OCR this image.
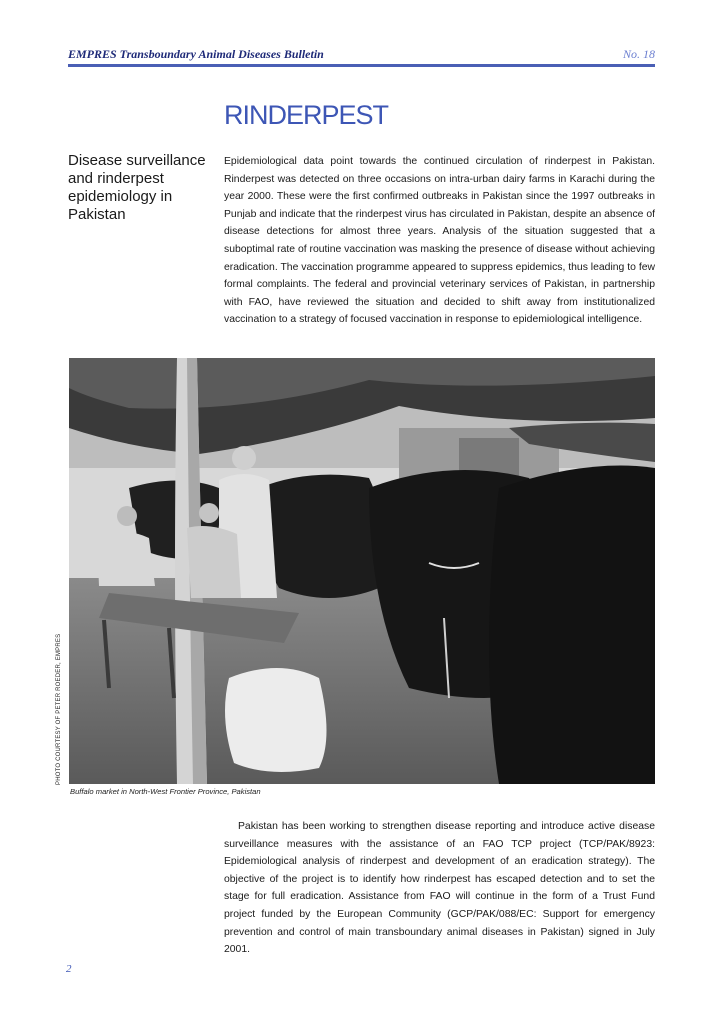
EMPRES Transboundary Animal Diseases Bulletin	No. 18
RINDERPEST
Disease surveillance and rinderpest epidemiology in Pakistan

Epidemiological data point towards the continued circulation of rinderpest in Pakistan. Rinderpest was detected on three occasions on intra-urban dairy farms in Karachi during the year 2000. These were the first confirmed outbreaks in Pakistan since the 1997 outbreaks in Punjab and indicate that the rinderpest virus has circulated in Pakistan, despite an absence of disease detections for almost three years. Analysis of the situation suggested that a suboptimal rate of routine vaccination was masking the presence of disease without achieving eradication. The vaccination programme appeared to suppress epidemics, thus leading to few formal complaints. The federal and provincial veterinary services of Pakistan, in partnership with FAO, have reviewed the situation and decided to shift away from institutionalized vaccination to a strategy of focused vaccination in response to epidemiological intelligence.

PHOTO COURTESY OF PETER ROEDER, EMPRES
Buffalo market in North-West Frontier Province, Pakistan

Pakistan has been working to strengthen disease reporting and introduce active disease surveillance measures with the assistance of an FAO TCP project (TCP/PAK/8923: Epidemiological analysis of rinderpest and development of an eradication strategy). The objective of the project is to identify how rinderpest has escaped detection and to set the stage for full eradication. Assistance from FAO will continue in the form of a Trust Fund project funded by the European Community (GCP/PAK/088/EC: Support for emergency prevention and control of main transboundary animal diseases in Pakistan) signed in July 2001.

2
